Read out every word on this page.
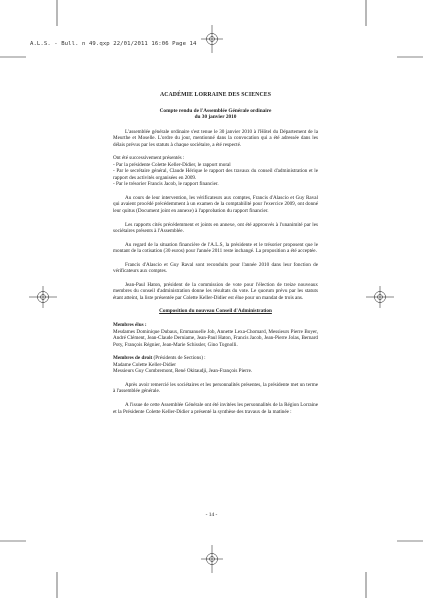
A.L.S. - Bull. n 49.qxp 22/01/2011 16:06 Page 14
ACADÉMIE LORRAINE DES SCIENCES
Compte rendu de l'Assemblée Générale ordinaire
du 30 janvier 2010

L'assemblée générale ordinaire s'est tenue le 30 janvier 2010 à l'Hôtel du Département de la Meurthe et Moselle. L'ordre du jour, mentionné dans la convocation qui a été adressée dans les délais prévus par les statuts à chaque sociétaire, a été respecté.

Ont été successivement présentés :

- Par la présidente Colette Keller-Didier, le rapport moral
- Par le secrétaire général, Claude Hérique le rapport des travaux du conseil d'administration et le rapport des activités organisées en 2009.
- Par le trésorier Francis Jacob, le rapport financier.

Au cours de leur intervention, les vérificateurs aux comptes, Francis d'Alascio et Guy Raval qui avaient procédé précédemment à un examen de la comptabilité pour l'exercice 2009, ont donné leur quitus (Document joint en annexe) à l'approbation du rapport financier.

Les rapports cités précédemment et joints en annexe, ont été approuvés à l'unanimité par les sociétaires présents à l'Assemblée.

Au regard de la situation financière de l'A.L.S, la présidente et le trésorier proposent que le montant de la cotisation (30 euros) pour l'année 2011 reste inchangé. La proposition a été acceptée.

Francis d'Alascio et Guy Raval sont reconduits pour l'année 2010 dans leur fonction de vérificateurs aux comptes.

Jean-Paul Haton, président de la commission de vote pour l'élection de treize nouveaux membres du conseil d'administration donne les résultats du vote. Le quorum prévu par les statuts étant atteint, la liste présentée par Colette Keller-Didier est élue pour un mandat de trois ans.

Composition du nouveau Conseil d'Administration

Membres élus :

Mesdames Dominique Dubaux, Emmanuelle Job, Annette Lexa-Chomard, Messieurs Pierre Boyer, André Clément, Jean-Claude Derniame, Jean-Paul Haton, Francis Jacob, Jean-Pierre Jolas, Bernard Poty, François Régnier, Jean-Marie Schissler, Gino Tognolli.

Membres de droit (Présidents de Sections) :

Madame Colette Keller-Didier

Messieurs Guy Combremont, René Okitaudji, Jean-François Pierre.

Après avoir remercié les sociétaires et les personnalités présentes, la présidente met un terme à l'assemblée générale.

A l'issue de cette Assemblée Générale ont été invitées les personnalités de la Région Lorraine et la Présidente Colette Keller-Didier a présenté la synthèse des travaux de la matinée :

- 14 -
